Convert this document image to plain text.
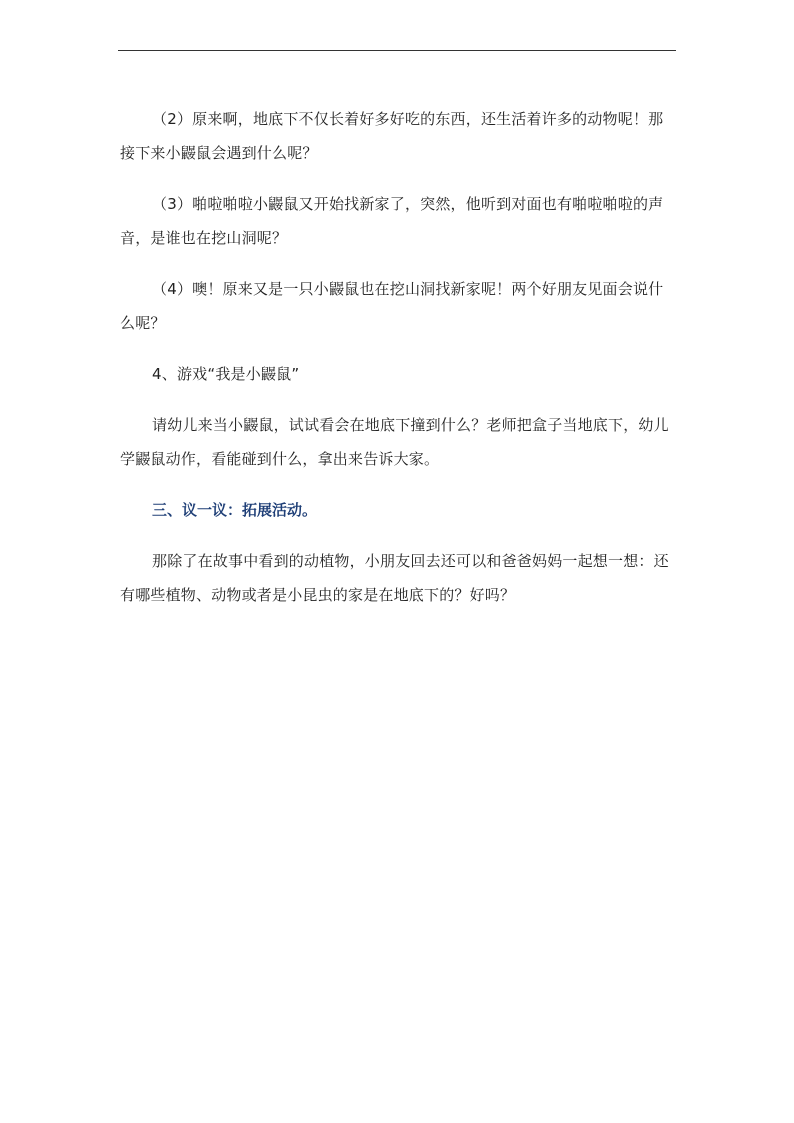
（2）原来啊，地底下不仅长着好多好吃的东西，还生活着许多的动物呢！那接下来小鼹鼠会遇到什么呢？

（3）啪啦啪啦小鼹鼠又开始找新家了，突然，他听到对面也有啪啦啪啦的声音，是谁也在挖山洞呢？

（4）噢！原来又是一只小鼹鼠也在挖山洞找新家呢！两个好朋友见面会说什么呢？

4、游戏“我是小鼹鼠”

请幼儿来当小鼹鼠，试试看会在地底下撞到什么？老师把盒子当地底下，幼儿学鼹鼠动作，看能碰到什么，拿出来告诉大家。

三、议一议：拓展活动。

那除了在故事中看到的动植物，小朋友回去还可以和爸爸妈妈一起想一想：还有哪些植物、动物或者是小昆虫的家是在地底下的？好吗？
